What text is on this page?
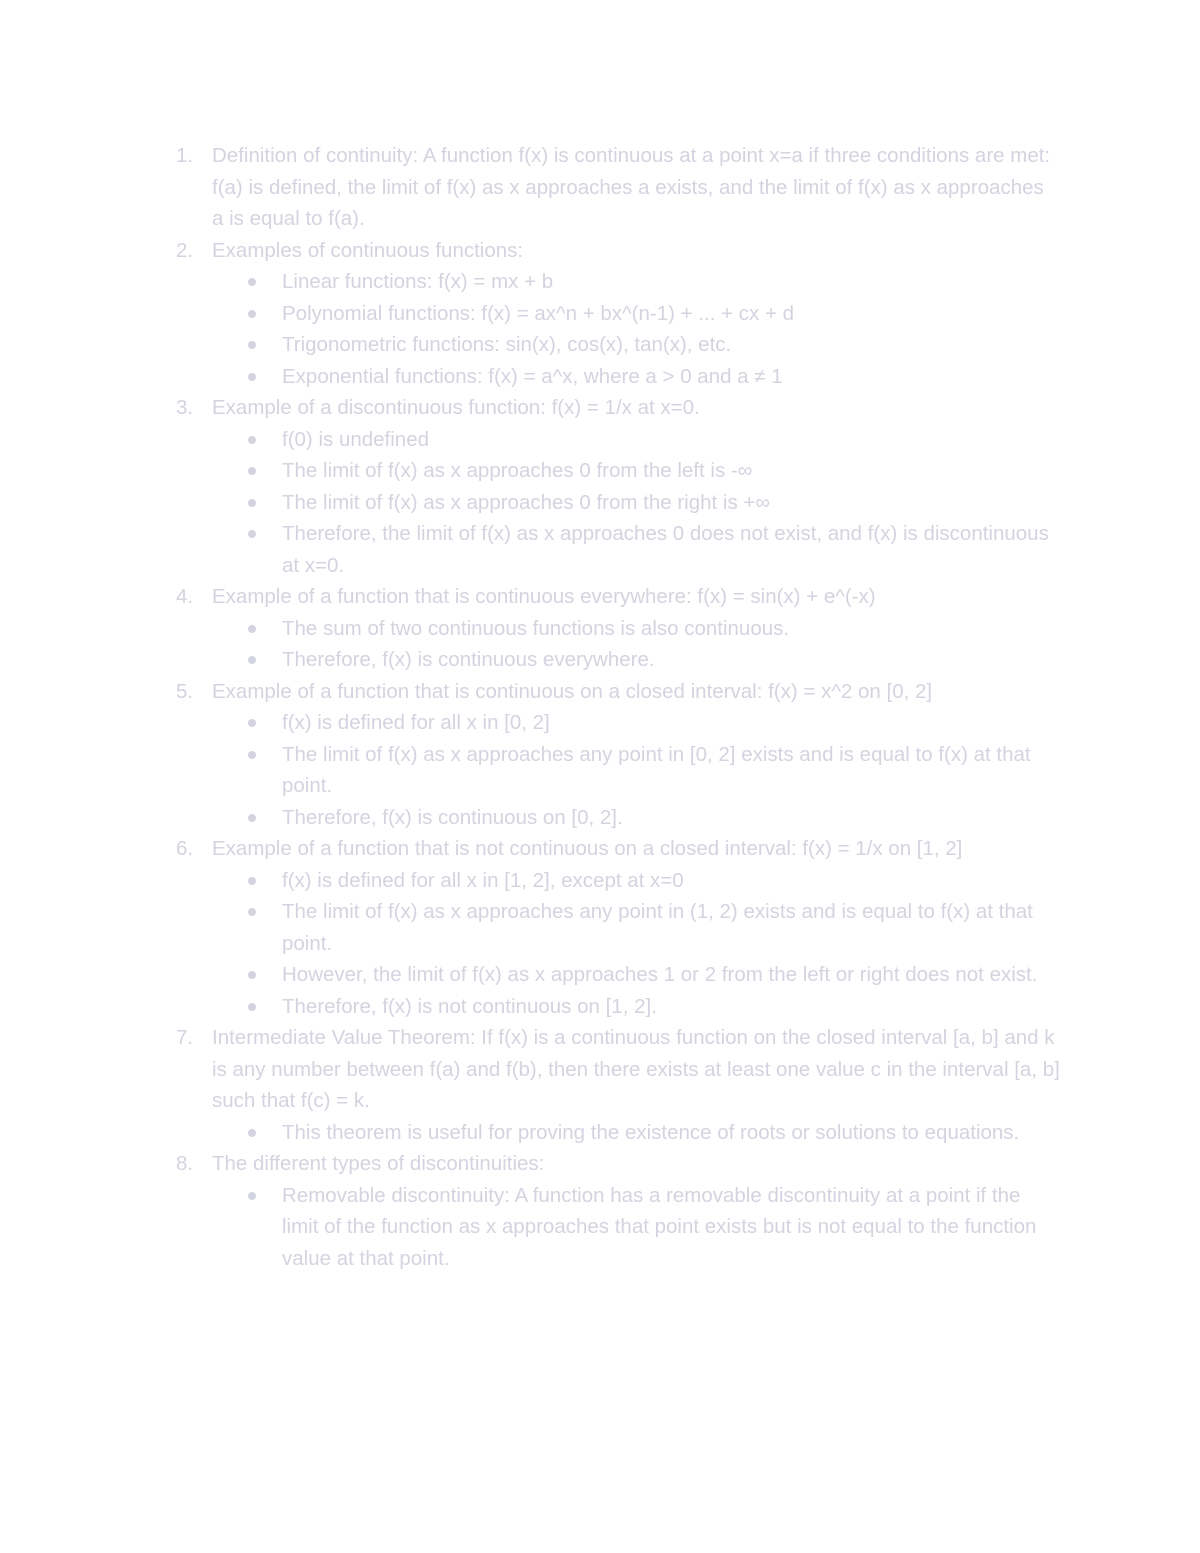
1. Definition of continuity: A function f(x) is continuous at a point x=a if three conditions are met: f(a) is defined, the limit of f(x) as x approaches a exists, and the limit of f(x) as x approaches a is equal to f(a).
2. Examples of continuous functions:
Linear functions: f(x) = mx + b
Polynomial functions: f(x) = ax^n + bx^(n-1) + ... + cx + d
Trigonometric functions: sin(x), cos(x), tan(x), etc.
Exponential functions: f(x) = a^x, where a > 0 and a ≠ 1
3. Example of a discontinuous function: f(x) = 1/x at x=0.
f(0) is undefined
The limit of f(x) as x approaches 0 from the left is -∞
The limit of f(x) as x approaches 0 from the right is +∞
Therefore, the limit of f(x) as x approaches 0 does not exist, and f(x) is discontinuous at x=0.
4. Example of a function that is continuous everywhere: f(x) = sin(x) + e^(-x)
The sum of two continuous functions is also continuous.
Therefore, f(x) is continuous everywhere.
5. Example of a function that is continuous on a closed interval: f(x) = x^2 on [0, 2]
f(x) is defined for all x in [0, 2]
The limit of f(x) as x approaches any point in [0, 2] exists and is equal to f(x) at that point.
Therefore, f(x) is continuous on [0, 2].
6. Example of a function that is not continuous on a closed interval: f(x) = 1/x on [1, 2]
f(x) is defined for all x in [1, 2], except at x=0
The limit of f(x) as x approaches any point in (1, 2) exists and is equal to f(x) at that point.
However, the limit of f(x) as x approaches 1 or 2 from the left or right does not exist.
Therefore, f(x) is not continuous on [1, 2].
7. Intermediate Value Theorem: If f(x) is a continuous function on the closed interval [a, b] and k is any number between f(a) and f(b), then there exists at least one value c in the interval [a, b] such that f(c) = k.
This theorem is useful for proving the existence of roots or solutions to equations.
8. The different types of discontinuities:
Removable discontinuity: A function has a removable discontinuity at a point if the limit of the function as x approaches that point exists but is not equal to the function value at that point.
